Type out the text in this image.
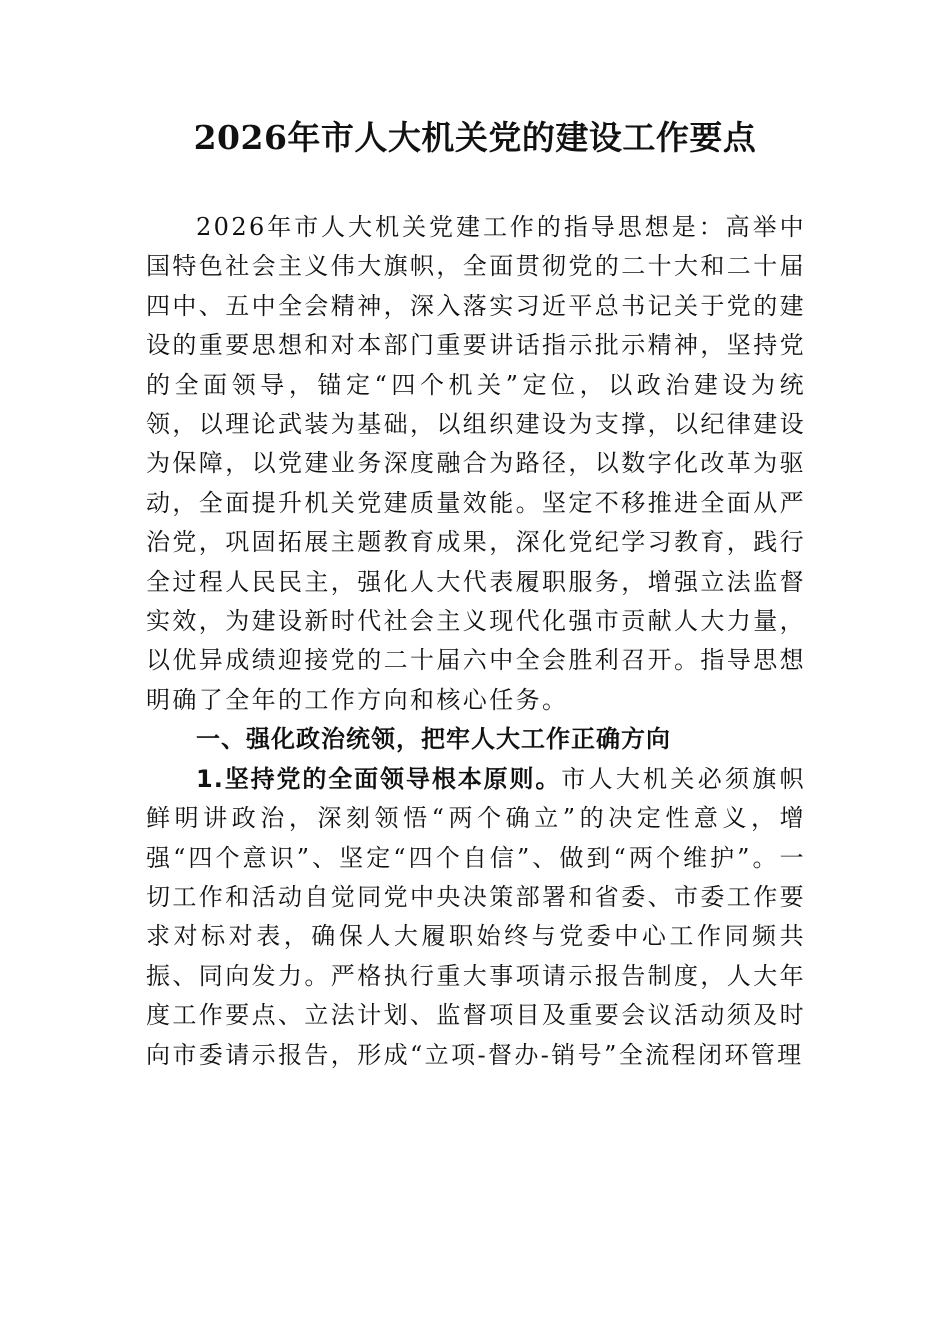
2026年市人大机关党的建设工作要点

2026年市人大机关党建工作的指导思想是：高举中国特色社会主义伟大旗帜，全面贯彻党的二十大和二十届四中、五中全会精神，深入落实习近平总书记关于党的建设的重要思想和对本部门重要讲话指示批示精神，坚持党的全面领导，锚定“四个机关”定位，以政治建设为统领，以理论武装为基础，以组织建设为支撑，以纪律建设为保障，以党建业务深度融合为路径，以数字化改革为驱动，全面提升机关党建质量效能。坚定不移推进全面从严治党，巩固拓展主题教育成果，深化党纪学习教育，践行全过程人民民主，强化人大代表履职服务，增强立法监督实效，为建设新时代社会主义现代化强市贡献人大力量，以优异成绩迎接党的二十届六中全会胜利召开。指导思想明确了全年的工作方向和核心任务。

一、强化政治统领，把牢人大工作正确方向

1.坚持党的全面领导根本原则。市人大机关必须旗帜鲜明讲政治，深刻领悟“两个确立”的决定性意义，增强“四个意识”、坚定“四个自信”、做到“两个维护”。一切工作和活动自觉同党中央决策部署和省委、市委工作要求对标对表，确保人大履职始终与党委中心工作同频共振、同向发力。严格执行重大事项请示报告制度，人大年度工作要点、立法计划、监督项目及重要会议活动须及时向市委请示报告，形成“立项-督办-销号”全流程闭环管理
